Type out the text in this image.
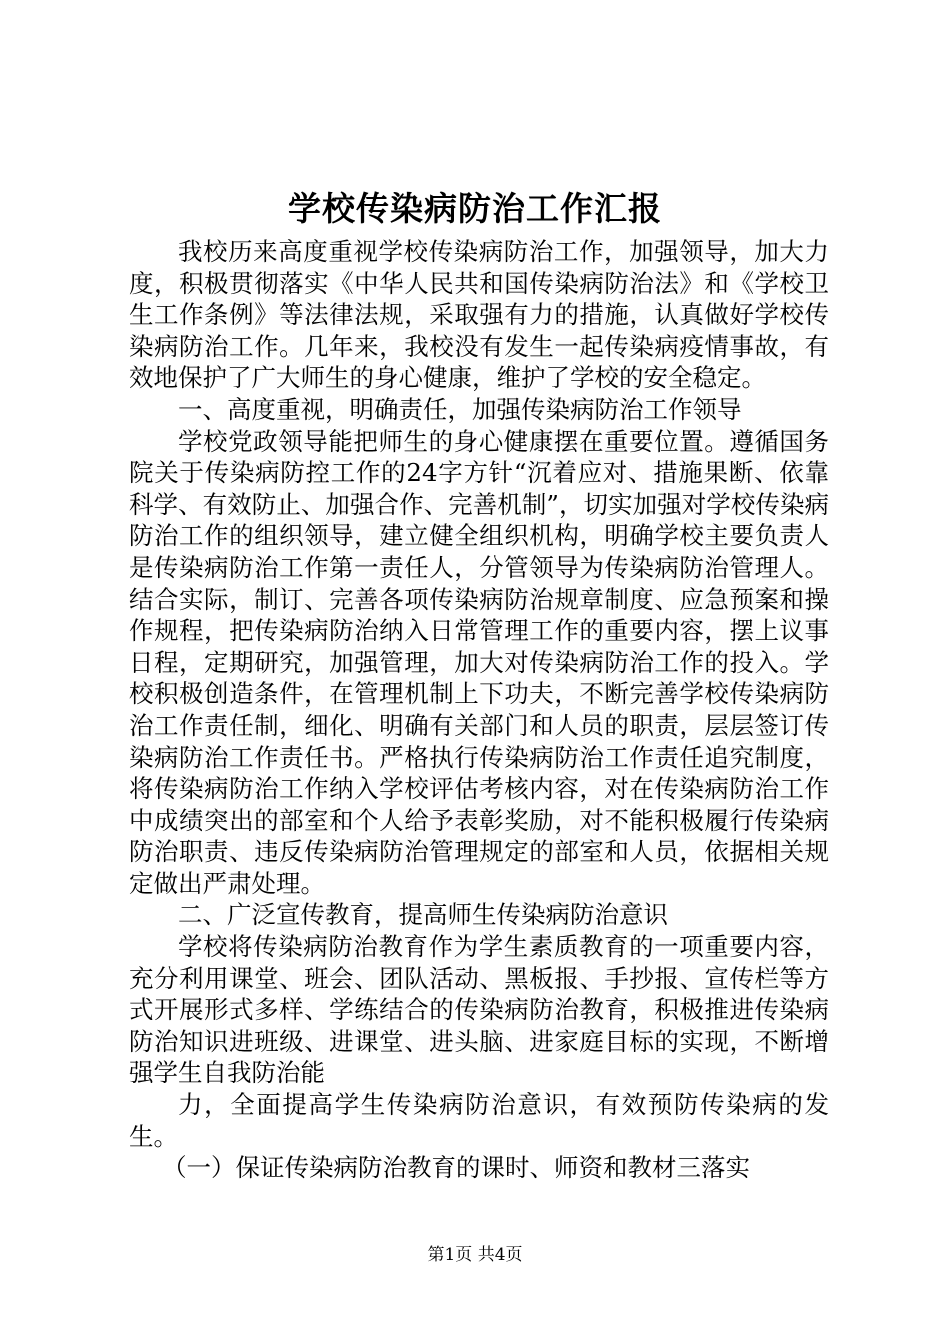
学校传染病防治工作汇报

我校历来高度重视学校传染病防治工作，加强领导，加大力度，积极贯彻落实《中华人民共和国传染病防治法》和《学校卫生工作条例》等法律法规，采取强有力的措施，认真做好学校传染病防治工作。几年来，我校没有发生一起传染病疫情事故，有效地保护了广大师生的身心健康，维护了学校的安全稳定。

一、高度重视，明确责任，加强传染病防治工作领导

学校党政领导能把师生的身心健康摆在重要位置。遵循国务院关于传染病防控工作的24字方针“沉着应对、措施果断、依靠科学、有效防止、加强合作、完善机制”，切实加强对学校传染病防治工作的组织领导，建立健全组织机构，明确学校主要负责人是传染病防治工作第一责任人，分管领导为传染病防治管理人。结合实际，制订、完善各项传染病防治规章制度、应急预案和操作规程，把传染病防治纳入日常管理工作的重要内容，摆上议事日程，定期研究，加强管理，加大对传染病防治工作的投入。学校积极创造条件，在管理机制上下功夫，不断完善学校传染病防治工作责任制，细化、明确有关部门和人员的职责，层层签订传染病防治工作责任书。严格执行传染病防治工作责任追究制度，将传染病防治工作纳入学校评估考核内容，对在传染病防治工作中成绩突出的部室和个人给予表彰奖励，对不能积极履行传染病防治职责、违反传染病防治管理规定的部室和人员，依据相关规定做出严肃处理。

二、广泛宣传教育，提高师生传染病防治意识

学校将传染病防治教育作为学生素质教育的一项重要内容，充分利用课堂、班会、团队活动、黑板报、手抄报、宣传栏等方式开展形式多样、学练结合的传染病防治教育，积极推进传染病防治知识进班级、进课堂、进头脑、进家庭目标的实现，不断增强学生自我防治能

力，全面提高学生传染病防治意识，有效预防传染病的发生。

（一）保证传染病防治教育的课时、师资和教材三落实

第1页 共4页
